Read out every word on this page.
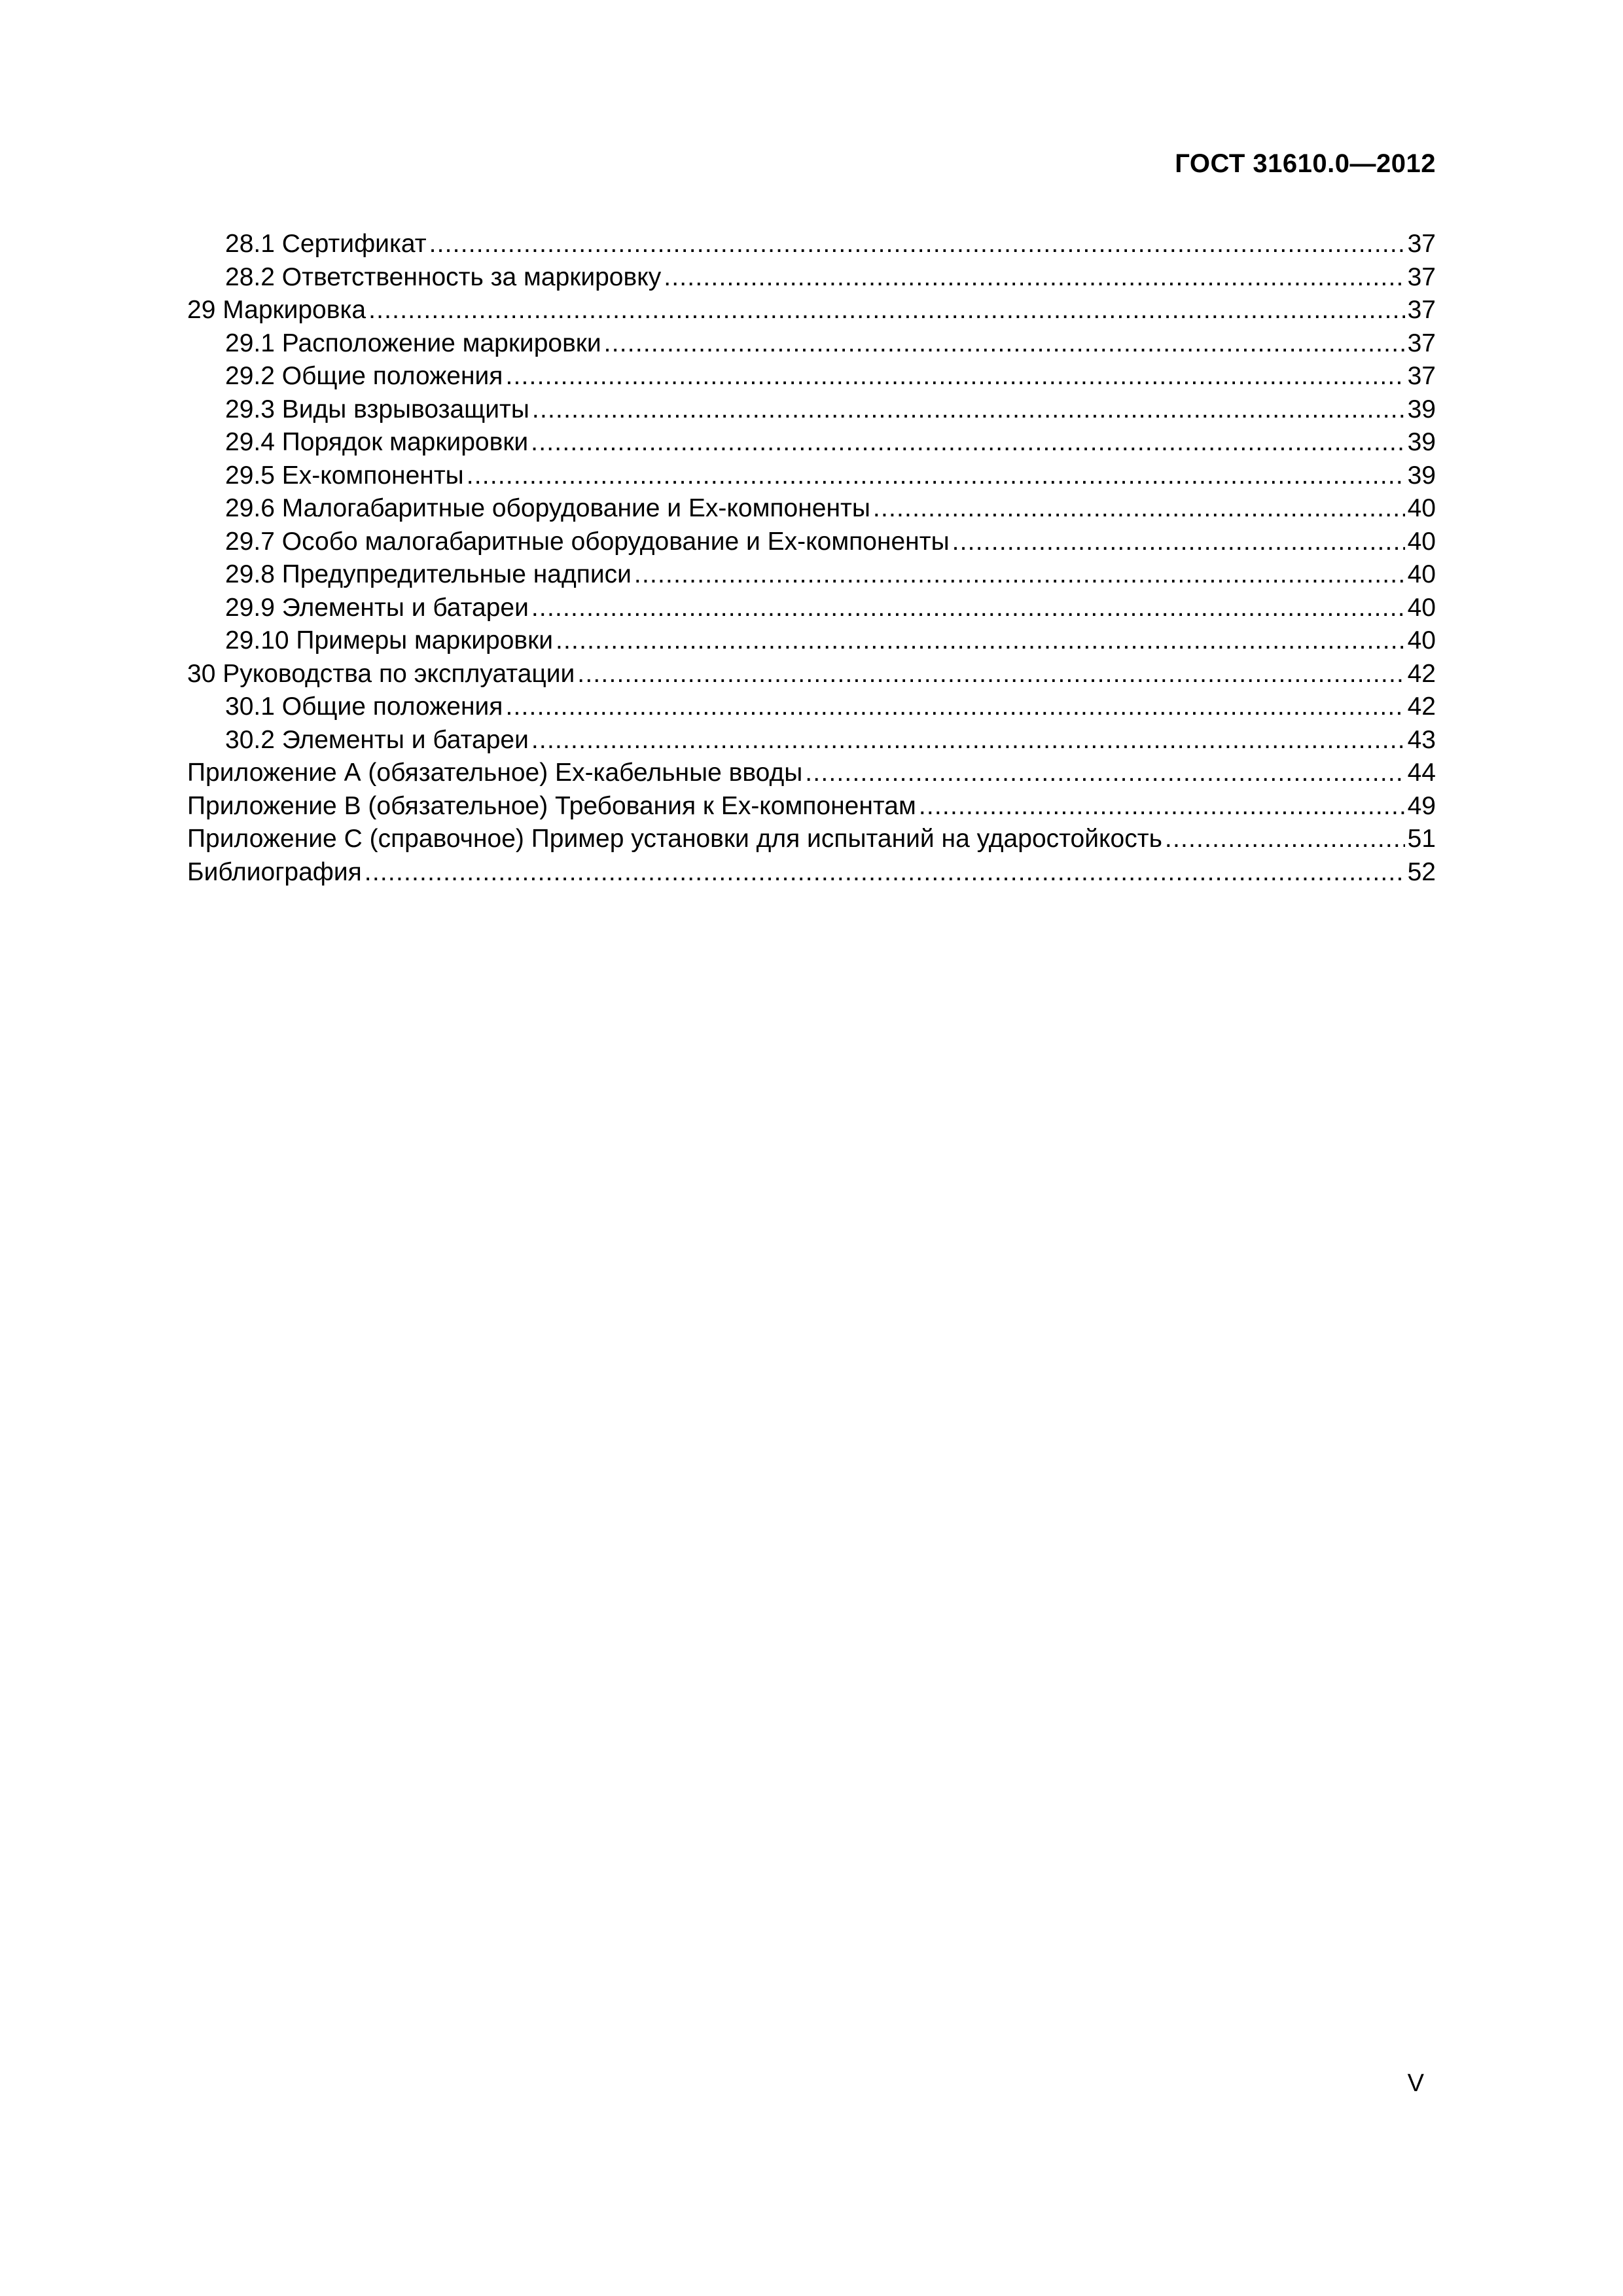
ГОСТ 31610.0—2012
28.1 Сертификат .....	37
28.2 Ответственность за маркировку .....	37
29 Маркировка .....	37
29.1 Расположение маркировки .....	37
29.2 Общие положения .....	37
29.3 Виды взрывозащиты .....	39
29.4 Порядок маркировки .....	39
29.5 Ex-компоненты .....	39
29.6 Малогабаритные оборудование и Ex-компоненты .....	40
29.7 Особо малогабаритные оборудование и Ex-компоненты .....	40
29.8 Предупредительные надписи .....	40
29.9 Элементы и батареи .....	40
29.10 Примеры маркировки .....	40
30 Руководства по эксплуатации .....	42
30.1 Общие положения .....	42
30.2 Элементы и батареи .....	43
Приложение А (обязательное) Ex-кабельные вводы .....	44
Приложение В (обязательное) Требования к Ex-компонентам .....	49
Приложение С (справочное) Пример установки для испытаний на ударостойкость .....	51
Библиография .....	52
V
